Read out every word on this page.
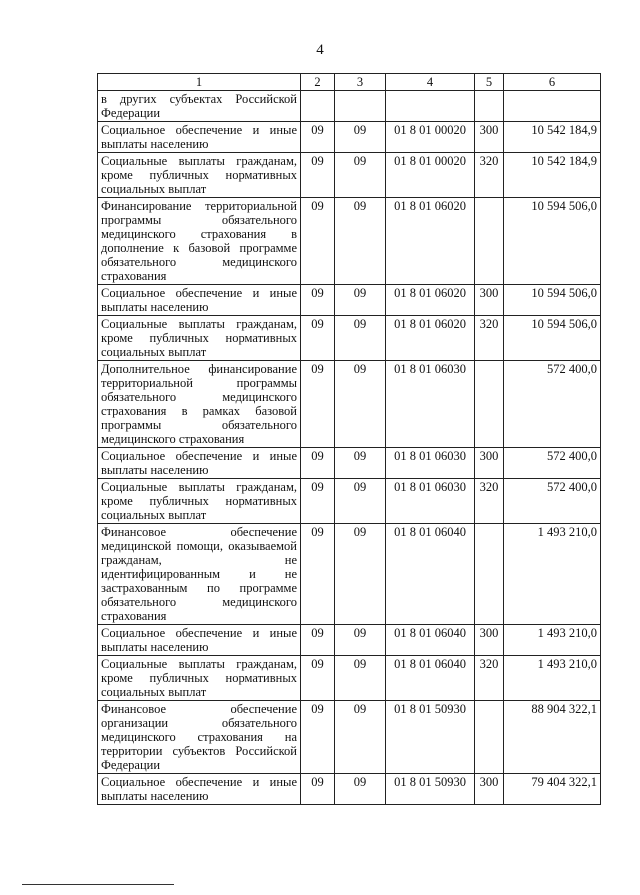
4
1	2	3	4	5	6
в других субъектах Российской Федерации					
Социальное обеспечение и иные выплаты населению	09	09	01 8 01 00020	300	10 542 184,9
Социальные выплаты гражданам, кроме публичных нормативных социальных выплат	09	09	01 8 01 00020	320	10 542 184,9
Финансирование территориальной программы обязательного медицинского страхования в дополнение к базовой программе обязательного медицинского страхования	09	09	01 8 01 06020		10 594 506,0
Социальное обеспечение и иные выплаты населению	09	09	01 8 01 06020	300	10 594 506,0
Социальные выплаты гражданам, кроме публичных нормативных социальных выплат	09	09	01 8 01 06020	320	10 594 506,0
Дополнительное финансирование территориальной программы обязательного медицинского страхования в рамках базовой программы обязательного медицинского страхования	09	09	01 8 01 06030		572 400,0
Социальное обеспечение и иные выплаты населению	09	09	01 8 01 06030	300	572 400,0
Социальные выплаты гражданам, кроме публичных нормативных социальных выплат	09	09	01 8 01 06030	320	572 400,0
Финансовое обеспечение медицинской помощи, оказываемой гражданам, не идентифицированным и не застрахованным по программе обязательного медицинского страхования	09	09	01 8 01 06040		1 493 210,0
Социальное обеспечение и иные выплаты населению	09	09	01 8 01 06040	300	1 493 210,0
Социальные выплаты гражданам, кроме публичных нормативных социальных выплат	09	09	01 8 01 06040	320	1 493 210,0
Финансовое обеспечение организации обязательного медицинского страхования на территории субъектов Российской Федерации	09	09	01 8 01 50930		88 904 322,1
Социальное обеспечение и иные выплаты населению	09	09	01 8 01 50930	300	79 404 322,1
